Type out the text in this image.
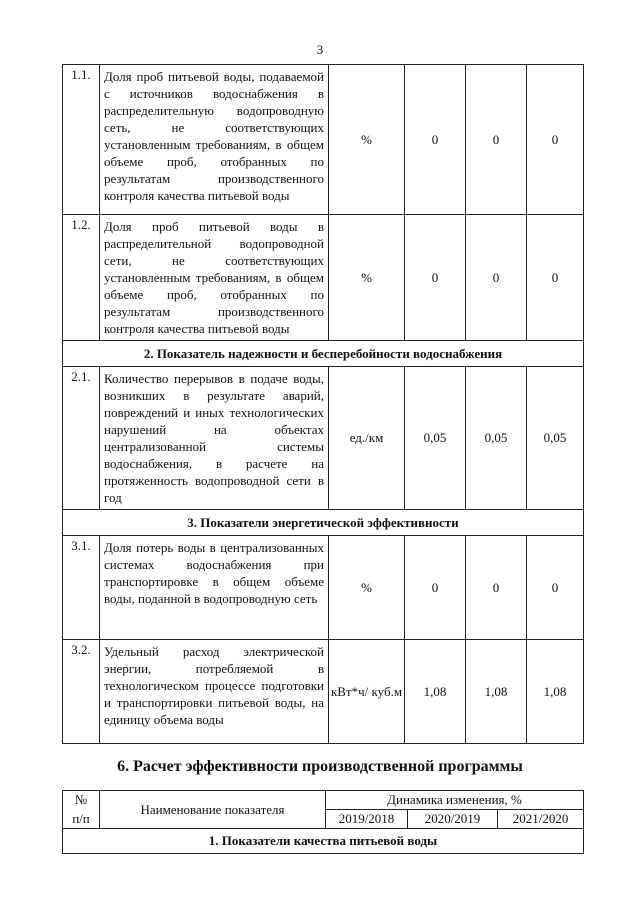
3
1.1.	Доля проб питьевой воды, подаваемой с источников водоснабжения в распределительную водопроводную сеть, не соответствующих установленным требованиям, в общем объеме проб, отобранных по результатам производственного контроля качества питьевой воды	%	0	0	0
1.2.	Доля проб питьевой воды в распределительной водопроводной сети, не соответствующих установленным требованиям, в общем объеме проб, отобранных по результатам производственного контроля качества питьевой воды	%	0	0	0
2. Показатель надежности и бесперебойности водоснабжения					
2.1.	Количество перерывов в подаче воды, возникших в результате аварий, повреждений и иных технологических нарушений на объектах централизованной системы водоснабжения, в расчете на протяженность водопроводной сети в год	ед./км	0,05	0,05	0,05
3. Показатели энергетической эффективности					
3.1.	Доля потерь воды в централизованных системах водоснабжения при транспортировке в общем объеме воды, поданной в водопроводную сеть	%	0	0	0
3.2.	Удельный расход электрической энергии, потребляемой в технологическом процессе подготовки и транспортировки питьевой воды, на единицу объема воды	кВт*ч/ куб.м	1,08	1,08	1,08
6. Расчет эффективности производственной программы
№	Наименование показателя	Динамика изменения, %		
п/п		2019/2018	2020/2019	2021/2020
1. Показатели качества питьевой воды				
